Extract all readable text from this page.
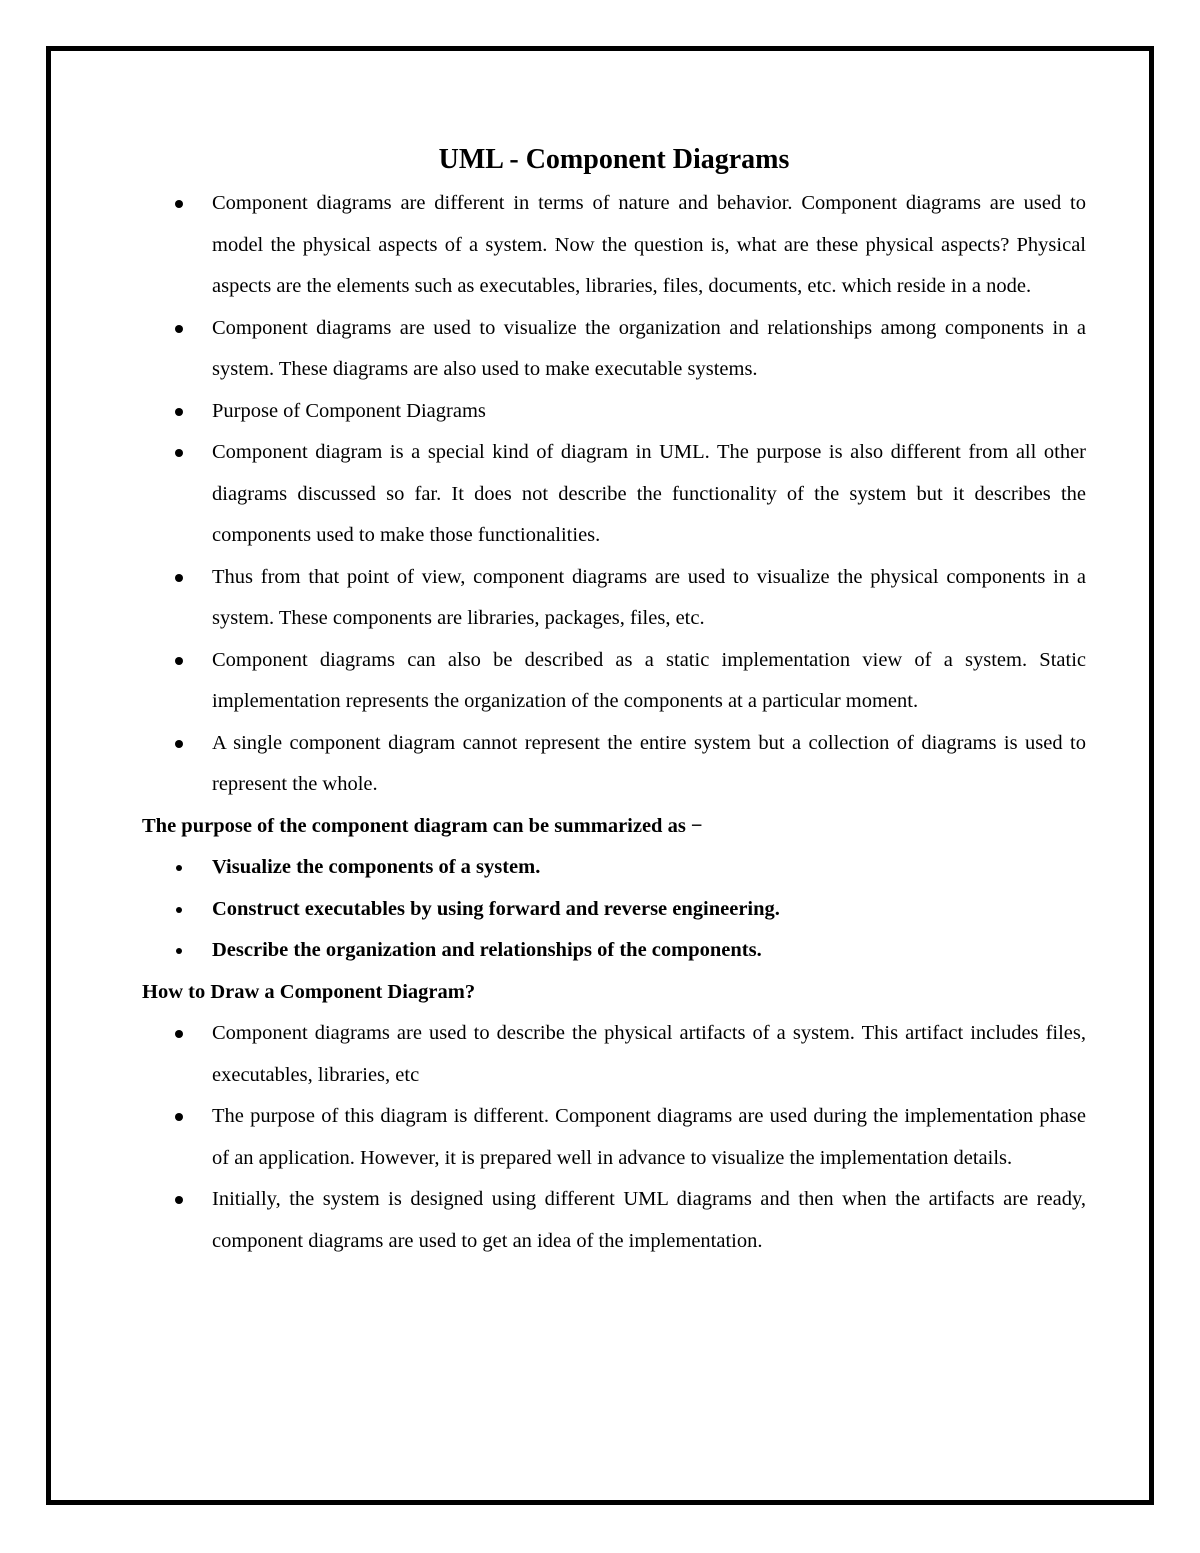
UML - Component Diagrams
Component diagrams are different in terms of nature and behavior. Component diagrams are used to model the physical aspects of a system. Now the question is, what are these physical aspects? Physical aspects are the elements such as executables, libraries, files, documents, etc. which reside in a node.
Component diagrams are used to visualize the organization and relationships among components in a system. These diagrams are also used to make executable systems.
Purpose of Component Diagrams
Component diagram is a special kind of diagram in UML. The purpose is also different from all other diagrams discussed so far. It does not describe the functionality of the system but it describes the components used to make those functionalities.
Thus from that point of view, component diagrams are used to visualize the physical components in a system. These components are libraries, packages, files, etc.
Component diagrams can also be described as a static implementation view of a system. Static implementation represents the organization of the components at a particular moment.
A single component diagram cannot represent the entire system but a collection of diagrams is used to represent the whole.

The purpose of the component diagram can be summarized as −

Visualize the components of a system.
Construct executables by using forward and reverse engineering.
Describe the organization and relationships of the components.

How to Draw a Component Diagram?

Component diagrams are used to describe the physical artifacts of a system. This artifact includes files, executables, libraries, etc
The purpose of this diagram is different. Component diagrams are used during the implementation phase of an application. However, it is prepared well in advance to visualize the implementation details.
Initially, the system is designed using different UML diagrams and then when the artifacts are ready, component diagrams are used to get an idea of the implementation.
